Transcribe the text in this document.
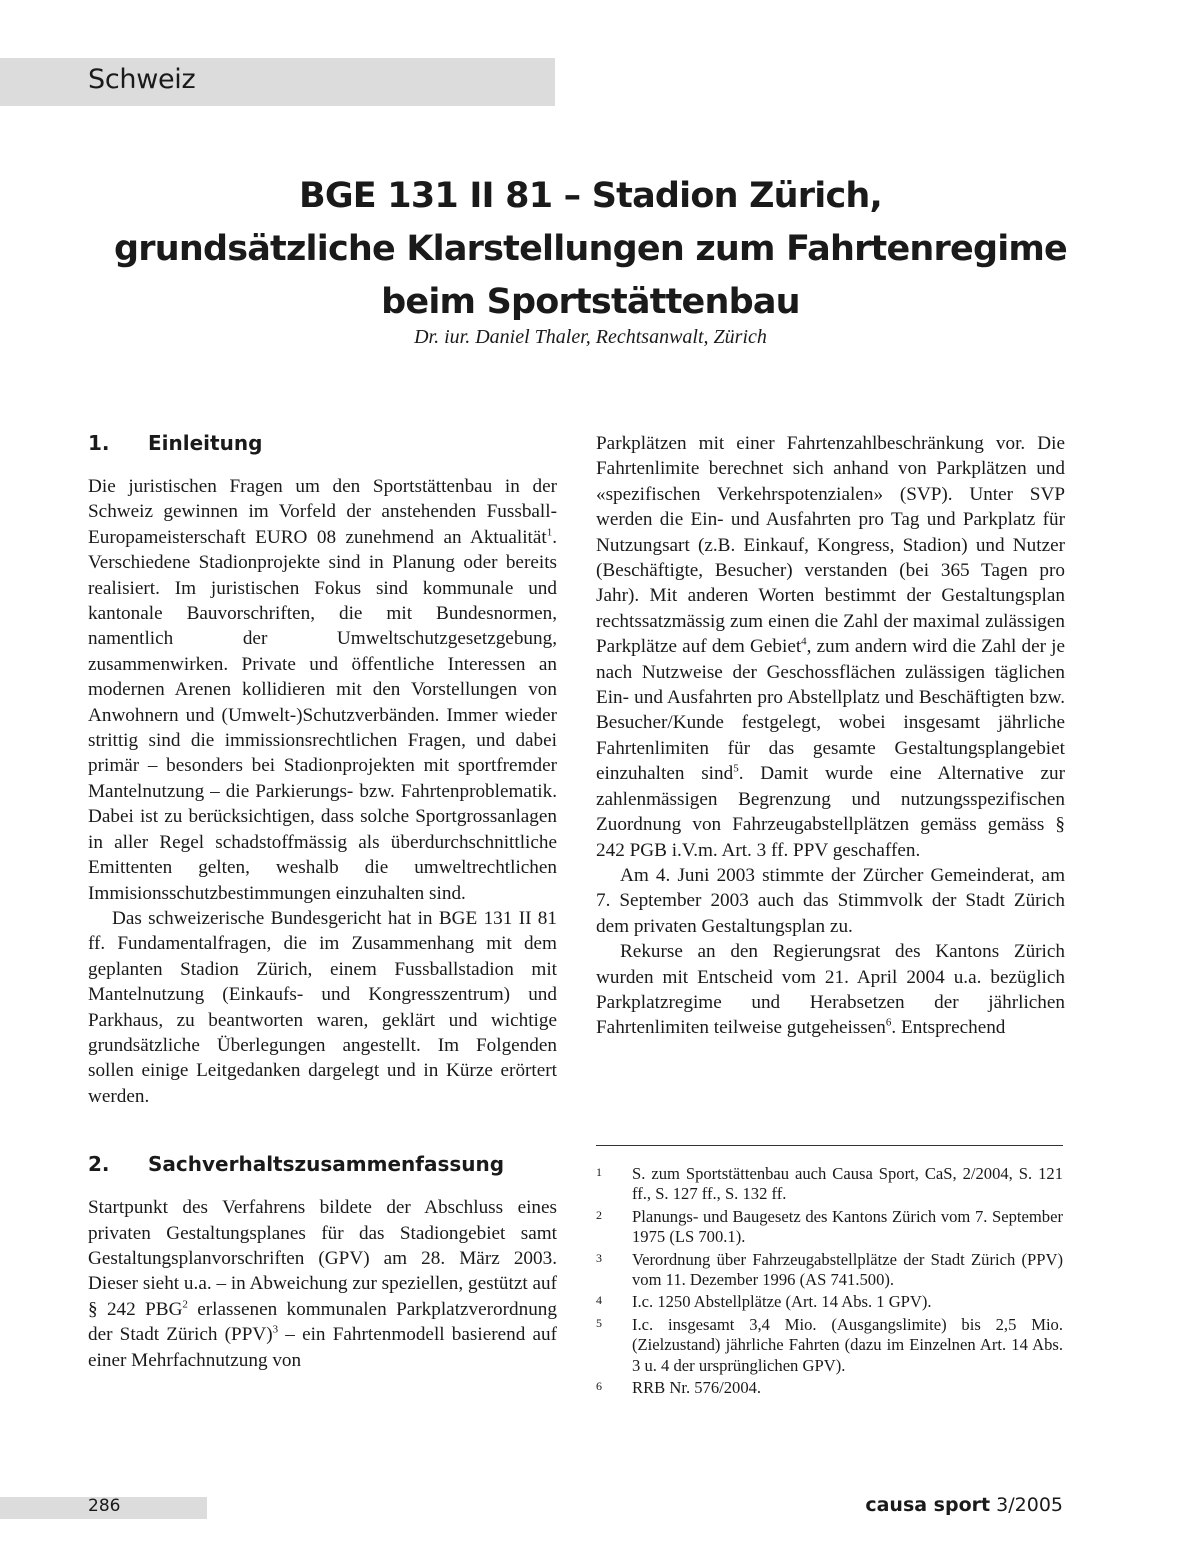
Schweiz
BGE 131 II 81 – Stadion Zürich,
grundsätzliche Klarstellungen zum Fahrtenregime
beim Sportstättenbau
Dr. iur. Daniel Thaler, Rechtsanwalt, Zürich
1. Einleitung

Die juristischen Fragen um den Sportstättenbau in der Schweiz gewinnen im Vorfeld der anstehenden Fussball-Europameisterschaft EURO 08 zunehmend an Aktualität$^1$. Verschiedene Stadionprojekte sind in Planung oder bereits realisiert. Im juristischen Fokus sind kommunale und kantonale Bauvorschriften, die mit Bundesnormen, namentlich der Umweltschutzgesetzgebung, zusammenwirken. Private und öffentliche Interessen an modernen Arenen kollidieren mit den Vorstellungen von Anwohnern und (Umwelt-)Schutzverbänden. Immer wieder strittig sind die immissionsrechtlichen Fragen, und dabei primär – besonders bei Stadionprojekten mit sportfremder Mantelnutzung – die Parkierungs- bzw. Fahrtenproblematik. Dabei ist zu berücksichtigen, dass solche Sportgrossanlagen in aller Regel schadstoffmässig als überdurchschnittliche Emittenten gelten, weshalb die umweltrechtlichen Immisionsschutzbestimmungen einzuhalten sind.

Das schweizerische Bundesgericht hat in BGE 131 II 81 ff. Fundamentalfragen, die im Zusammenhang mit dem geplanten Stadion Zürich, einem Fussballstadion mit Mantelnutzung (Einkaufs- und Kongresszentrum) und Parkhaus, zu beantworten waren, geklärt und wichtige grundsätzliche Überlegungen angestellt. Im Folgenden sollen einige Leitgedanken dargelegt und in Kürze erörtert werden.

2. Sachverhaltszusammenfassung

Startpunkt des Verfahrens bildete der Abschluss eines privaten Gestaltungsplanes für das Stadiongebiet samt Gestaltungsplanvorschriften (GPV) am 28. März 2003. Dieser sieht u.a. – in Abweichung zur speziellen, gestützt auf § 242 PBG$^2$ erlassenen kommunalen Parkplatzverordnung der Stadt Zürich (PPV)$^3$ – ein Fahrtenmodell basierend auf einer Mehrfachnutzung von

Parkplätzen mit einer Fahrtenzahlbeschränkung vor. Die Fahrtenlimite berechnet sich anhand von Parkplätzen und «spezifischen Verkehrspotenzialen» (SVP). Unter SVP werden die Ein- und Ausfahrten pro Tag und Parkplatz für Nutzungsart (z.B. Einkauf, Kongress, Stadion) und Nutzer (Beschäftigte, Besucher) verstanden (bei 365 Tagen pro Jahr). Mit anderen Worten bestimmt der Gestaltungsplan rechtssatzmässig zum einen die Zahl der maximal zulässigen Parkplätze auf dem Gebiet$^4$, zum andern wird die Zahl der je nach Nutzweise der Geschossflächen zulässigen täglichen Ein- und Ausfahrten pro Abstellplatz und Beschäftigten bzw. Besucher/Kunde festgelegt, wobei insgesamt jährliche Fahrtenlimiten für das gesamte Gestaltungsplangebiet einzuhalten sind$^5$. Damit wurde eine Alternative zur zahlenmässigen Begrenzung und nutzungsspezifischen Zuordnung von Fahrzeugabstellplätzen gemäss gemäss § 242 PGB i.V.m. Art. 3 ff. PPV geschaffen.

Am 4. Juni 2003 stimmte der Zürcher Gemeinderat, am 7. September 2003 auch das Stimmvolk der Stadt Zürich dem privaten Gestaltungsplan zu.

Rekurse an den Regierungsrat des Kantons Zürich wurden mit Entscheid vom 21. April 2004 u.a. bezüglich Parkplatzregime und Herabsetzen der jährlichen Fahrtenlimiten teilweise gutgeheissen$^6$. Entsprechend

1	S. zum Sportstättenbau auch Causa Sport, CaS, 2/2004, S. 121 ff., S. 127 ff., S. 132 ff.
2	Planungs- und Baugesetz des Kantons Zürich vom 7. September 1975 (LS 700.1).
3	Verordnung über Fahrzeugabstellplätze der Stadt Zürich (PPV) vom 11. Dezember 1996 (AS 741.500).
4	I.c. 1250 Abstellplätze (Art. 14 Abs. 1 GPV).
5	I.c. insgesamt 3,4 Mio. (Ausgangslimite) bis 2,5 Mio. (Zielzustand) jährliche Fahrten (dazu im Einzelnen Art. 14 Abs. 3 u. 4 der ursprünglichen GPV).
6	RRB Nr. 576/2004.
286	causa sport 3/2005
